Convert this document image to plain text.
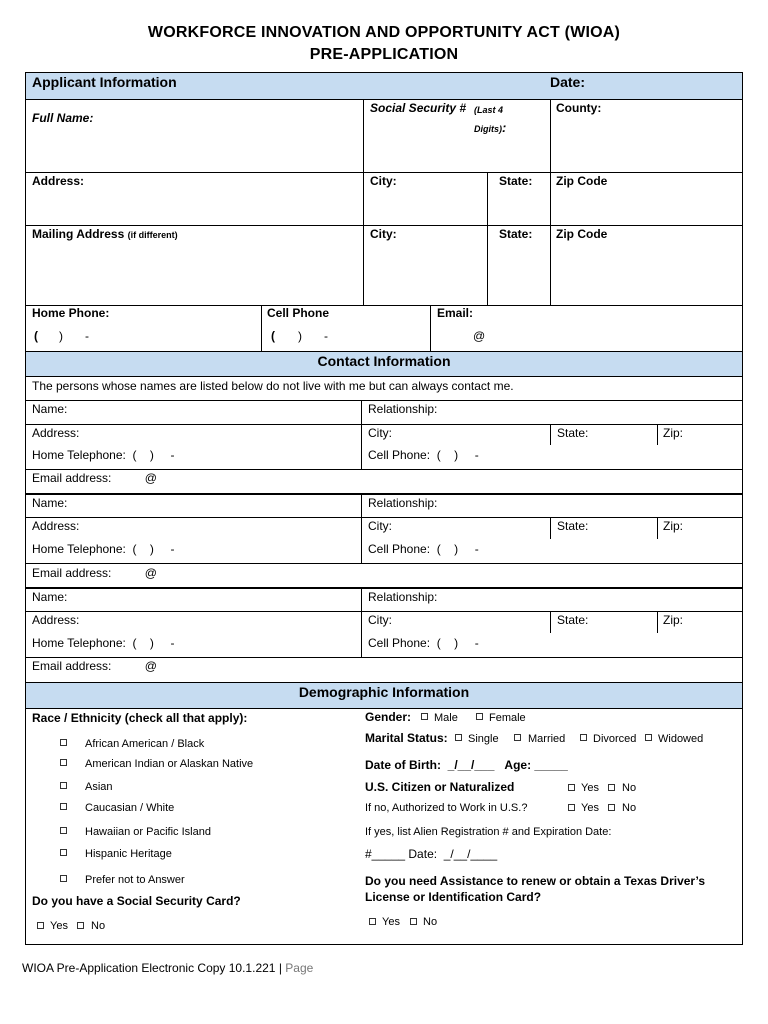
WORKFORCE INNOVATION AND OPPORTUNITY ACT (WIOA)
PRE-APPLICATION
Applicant Information	Date:
Full Name:
Social Security # (Last 4 Digits):
County:
Address:	City:	State: Zip Code
Mailing Address (if different)	City:	State: Zip Code
Home Phone:	Cell Phone	Email:
( ) -	( ) -	@
Contact Information
The persons whose names are listed below do not live with me but can always contact me.
Name:	Relationship:
Address:	City:	State:	Zip:
Home Telephone: ( ) -	Cell Phone: ( ) -
Email address:	@
Name:	Relationship:
Address:	City:	State:	Zip:
Home Telephone: ( ) -	Cell Phone: ( ) -
Email address:	@
Name:	Relationship:
Address:	City:	State:	Zip:
Home Telephone: ( ) -	Cell Phone: ( ) -
Email address:	@
Demographic Information
Race / Ethnicity (check all that apply):
African American / Black
American Indian or Alaskan Native
Asian
Caucasian / White
Hawaiian or Pacific Island
Hispanic Heritage
Prefer not to Answer
Do you have a Social Security Card?
Yes No
Gender: Male	Female
Marital Status: Single	Married	Divorced Widowed
Date of Birth: _/__/___ Age: _____
U.S. Citizen or Naturalized	Yes No
If no, Authorized to Work in U.S.?	Yes No
If yes, list Alien Registration # and Expiration Date:
#_____ Date: _/__/____
Do you need Assistance to renew or obtain a Texas Driver’s
License or Identification Card?
Yes No
WIOA Pre-Application Electronic Copy 10.1.221 | Page
